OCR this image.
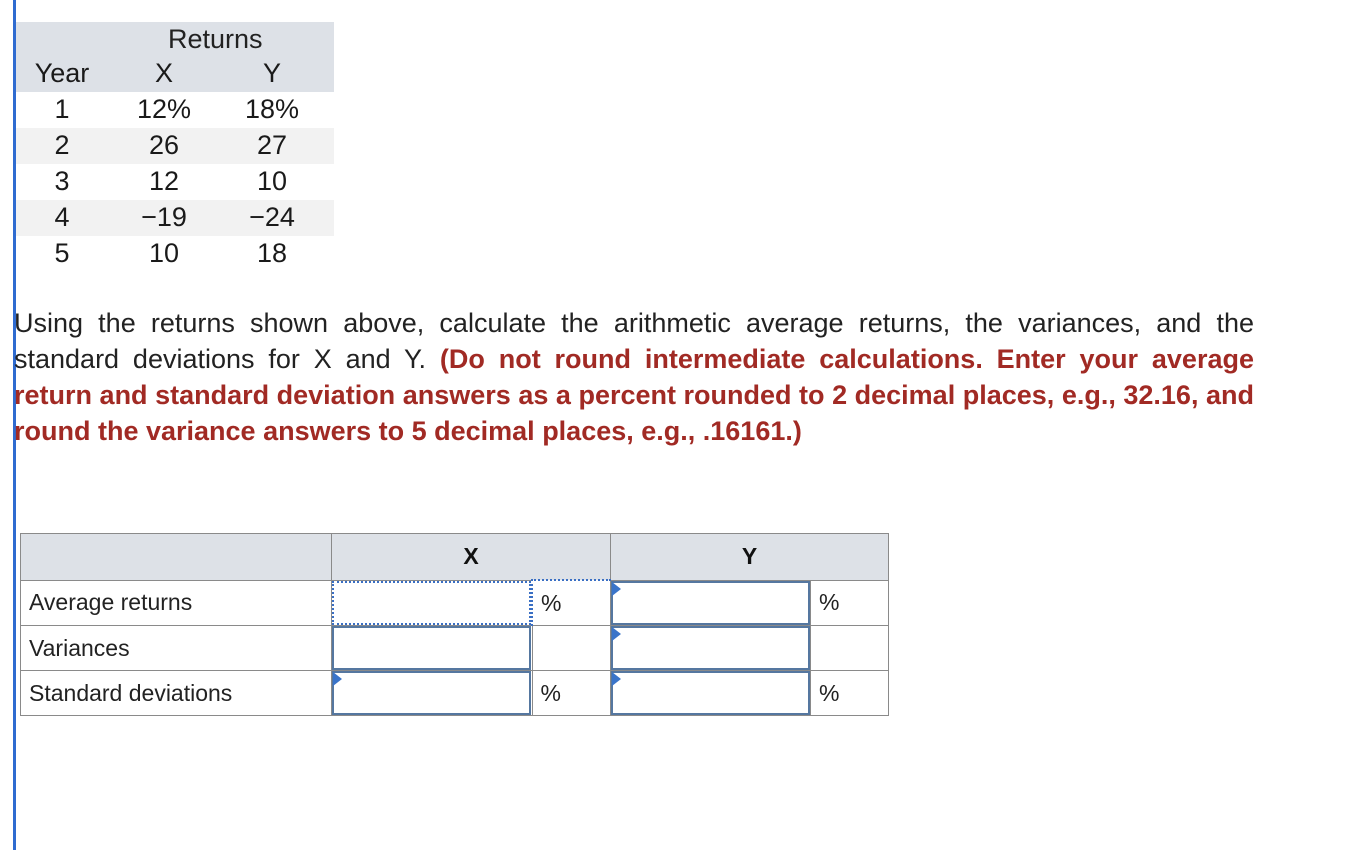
Returns
Year	X	Y
1	12%	18%
2	26	27
3	12	10
4	−19	−24
5	10	18
Using the returns shown above, calculate the arithmetic average returns, the variances, and the standard deviations for X and Y. (Do not round intermediate calculations. Enter your average return and standard deviation answers as a percent rounded to 2 decimal places, e.g., 32.16, and round the variance answers to 5 decimal places, e.g., .16161.)
	X		Y	
Average returns		%		%
Variances	

Standard deviations		%		%
